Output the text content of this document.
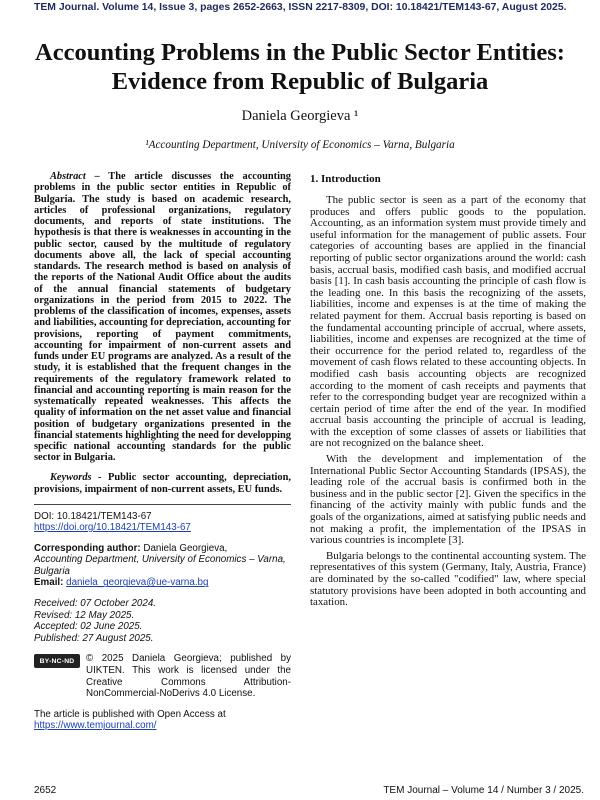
TEM Journal. Volume 14, Issue 3, pages 2652-2663, ISSN 2217-8309, DOI: 10.18421/TEM143-67, August 2025.
Accounting Problems in the Public Sector Entities: Evidence from Republic of Bulgaria
Daniela Georgieva ¹
¹Accounting Department, University of Economics – Varna, Bulgaria

Abstract – The article discusses the accounting problems in the public sector entities in Republic of Bulgaria. The study is based on academic research, articles of professional organizations, regulatory documents, and reports of state institutions. The hypothesis is that there is weaknesses in accounting in the public sector, caused by the multitude of regulatory documents above all, the lack of special accounting standards. The research method is based on analysis of the reports of the National Audit Office about the audits of the annual financial statements of budgetary organizations in the period from 2015 to 2022. The problems of the classification of incomes, expenses, assets and liabilities, accounting for depreciation, accounting for provisions, reporting of payment commitments, accounting for impairment of non-current assets and funds under EU programs are analyzed. As a result of the study, it is established that the frequent changes in the requirements of the regulatory framework related to financial and accounting reporting is main reason for the systematically repeated weaknesses. This affects the quality of information on the net asset value and financial position of budgetary organizations presented in the financial statements highlighting the need for developping specific national accounting standards for the public sector in Bulgaria.

Keywords - Public sector accounting, depreciation, provisions, impairment of non-current assets, EU funds.

DOI: 10.18421/TEM143-67

https://doi.org/10.18421/TEM143-67

Corresponding author: Daniela Georgieva,

Accounting Department, University of Economics – Varna, Bulgaria

Email: daniela_georgieva@ue-varna.bg

Received: 07 October 2024.

Revised: 12 May 2025.

Accepted: 02 June 2025.

Published: 27 August 2025.

BY-NC-ND	© 2025 Daniela Georgieva; published by UIKTEN. This work is licensed under the Creative Commons Attribution-NonCommercial-NoDerivs 4.0 License.

The article is published with Open Access at

https://www.temjournal.com/

1. Introduction

The public sector is seen as a part of the economy that produces and offers public goods to the population. Accounting, as an information system must provide timely and useful information for the management of public assets. Four categories of accounting bases are applied in the financial reporting of public sector organizations around the world: cash basis, accrual basis, modified cash basis, and modified accrual basis [1]. In cash basis accounting the principle of cash flow is the leading one. In this basis the recognizing of the assets, liabilities, income and expenses is at the time of making the related payment for them. Accrual basis reporting is based on the fundamental accounting principle of accrual, where assets, liabilities, income and expenses are recognized at the time of their occurrence for the period related to, regardless of the movement of cash flows related to these accounting objects. In modified cash basis accounting objects are recognized according to the moment of cash receipts and payments that refer to the corresponding budget year are recognized within a certain period of time after the end of the year. In modified accrual basis accounting the principle of accrual is leading, with the exception of some classes of assets or liabilities that are not recognized on the balance sheet.

With the development and implementation of the International Public Sector Accounting Standards (IPSAS), the leading role of the accrual basis is confirmed both in the business and in the public sector [2]. Given the specifics in the financing of the activity mainly with public funds and the goals of the organizations, aimed at satisfying public needs and not making a profit, the implementation of the IPSAS in various countries is incomplete [3].

Bulgaria belongs to the continental accounting system. The representatives of this system (Germany, Italy, Austria, France) are dominated by the so-called "codified" law, where special statutory provisions have been adopted in both accounting and taxation.

2652	TEM Journal – Volume 14 / Number 3 / 2025.
